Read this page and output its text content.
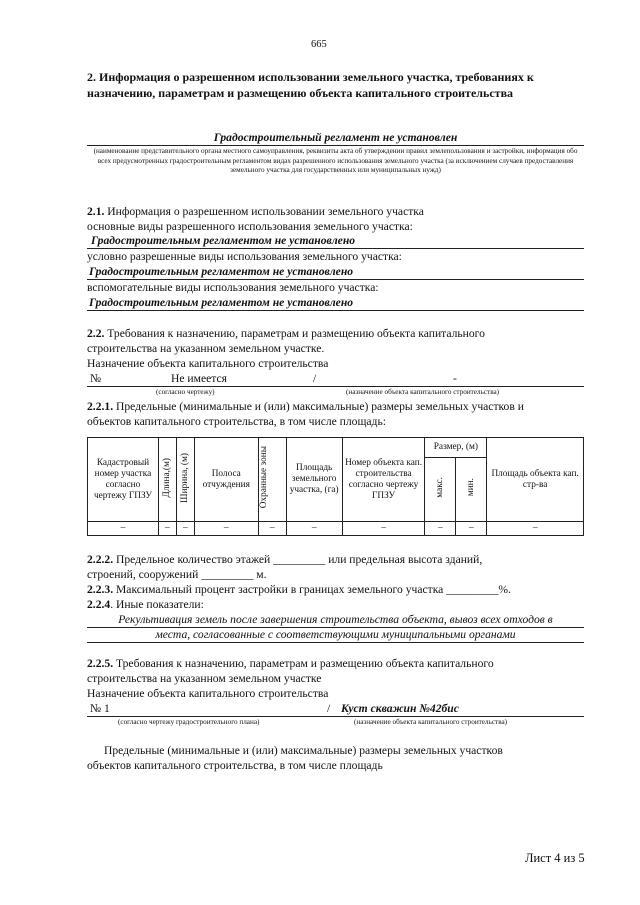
665
2. Информация о разрешенном использовании земельного участка, требованиях к назначению, параметрам и размещению объекта капитального строительства
Градостроительный регламент не установлен
(наименование представительного органа местного самоуправления, реквизиты акта об утверждении правил землепользования и застройки, информация обо всех предусмотренных градостроительным регламентом видах разрешенного использования земельного участка (за исключением случаев предоставления земельного участка для государственных или муниципальных нужд)
2.1. Информация о разрешенном использовании земельного участка
основные виды разрешенного использования земельного участка:
Градостроительным регламентом не установлено
условно разрешенные виды использования земельного участка:
Градостроительным регламентом не установлено
вспомогательные виды использования земельного участка:
Градостроительным регламентом не установлено
2.2. Требования к назначению, параметрам и размещению объекта капитального
строительства на указанном земельном участке.
Назначение объекта капитального строительства
№	Не имеется	/	-
(согласно чертежу)	(назначение объекта капитального строительства)
2.2.1. Предельные (минимальные и (или) максимальные) размеры земельных участков и
объектов капитального строительства, в том числе площадь:
Кадастровый номер участка согласно чертежу ГПЗУ	Длина,(м)	Ширина, (м)	Полоса отчуждения	Охранные зоны	Площадь земельного участка, (га)	Номер объекта кап. строительства согласно чертежу ГПЗУ	Размер, (м)		Площадь объекта кап. стр-ва
							макс.	мин.	
–	–	–	–	–	–	–	–	–	–
2.2.2. Предельное количество этажей _________ или предельная высота зданий,
строений, сооружений _________ м.
2.2.3. Максимальный процент застройки в границах земельного участка _________%.
2.2.4. Иные показатели:
Рекультивация земель после завершения строительства объекта, вывоз всех отходов в
места, согласованные с соответствующими муниципальными органами
2.2.5. Требования к назначению, параметрам и размещению объекта капитального
строительства на указанном земельном участке
Назначение объекта капитального строительства
№ 1	/ Куст скважин №42бис
(согласно чертежу градостроительного плана)	(назначение объекта капитального строительства)
Предельные (минимальные и (или) максимальные) размеры земельных участков
объектов капитального строительства, в том числе площадь
Лист 4 из 5
